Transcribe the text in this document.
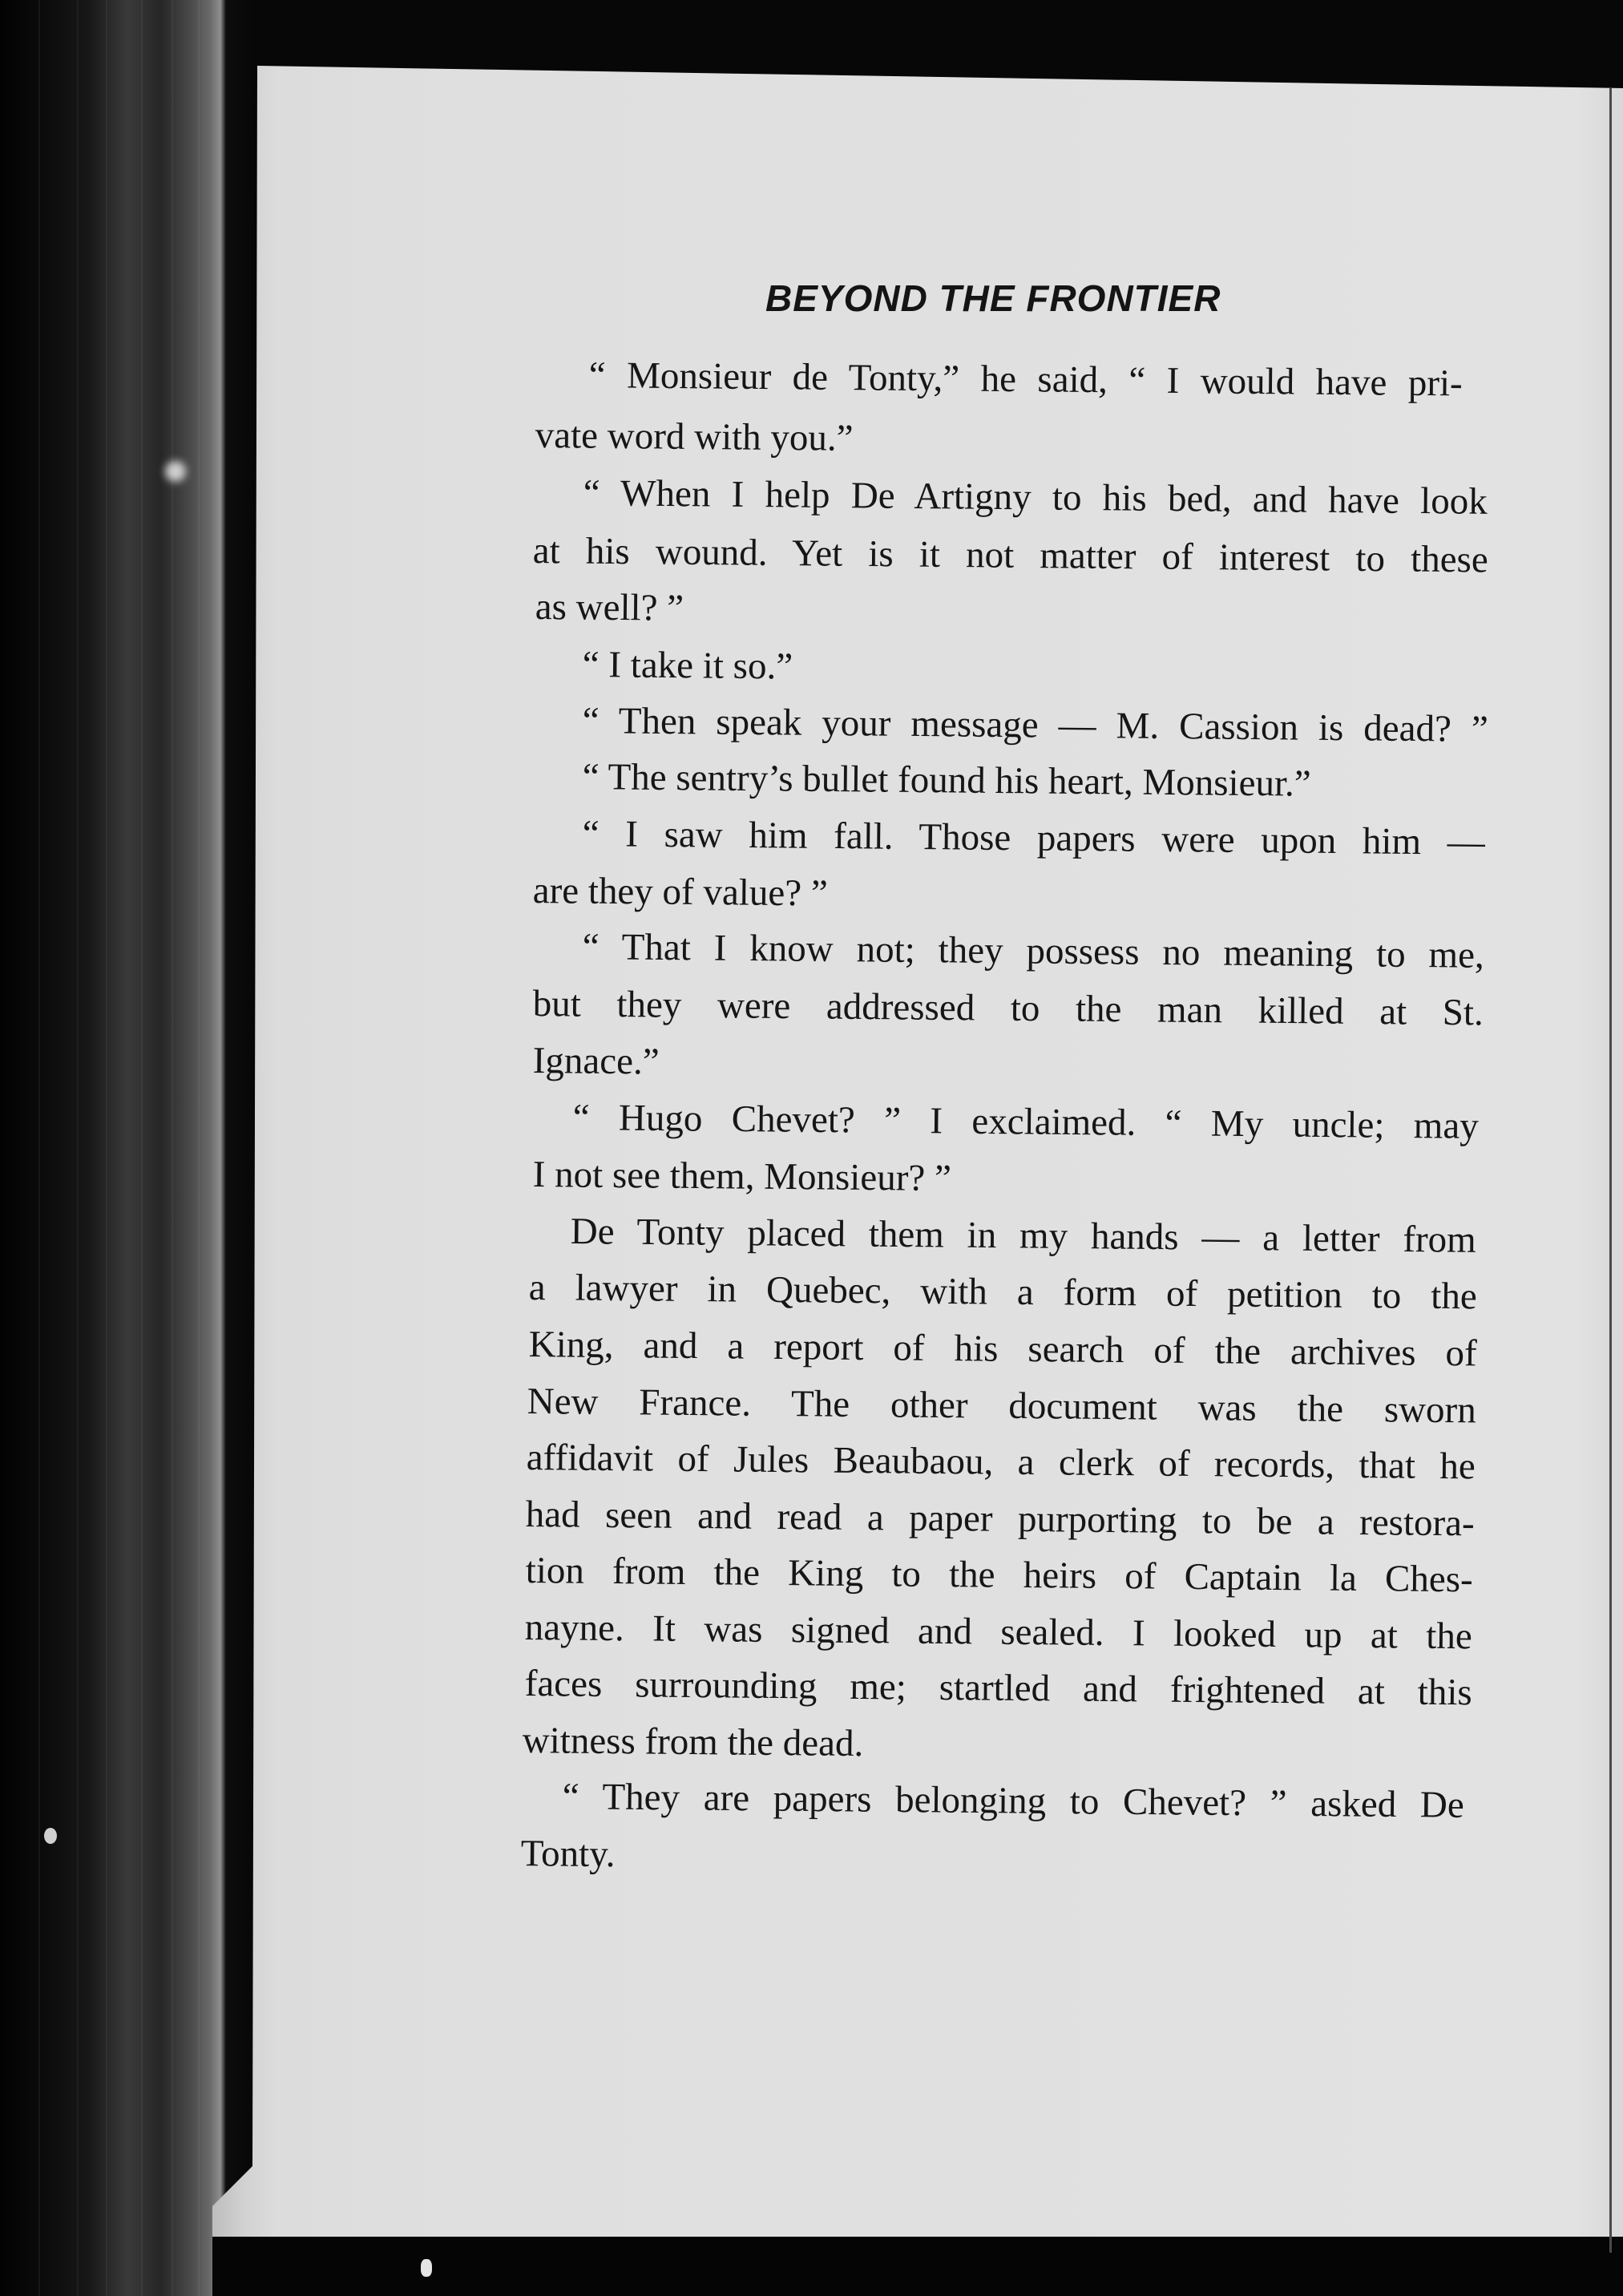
BEYOND THE FRONTIER
“ Monsieur de Tonty,” he said, “ I would have pri-
vate word with you.”
“ When I help De Artigny to his bed, and have look
at his wound. Yet is it not matter of interest to these
as well? ”
“ I take it so.”
“ Then speak your message — M. Cassion is dead? ”
“ The sentry’s bullet found his heart, Monsieur.”
“ I saw him fall. Those papers were upon him —
are they of value? ”
“ That I know not; they possess no meaning to me,
but they were addressed to the man killed at St.
Ignace.”
“ Hugo Chevet? ” I exclaimed. “ My uncle; may
I not see them, Monsieur? ”
De Tonty placed them in my hands — a letter from
a lawyer in Quebec, with a form of petition to the
King, and a report of his search of the archives of
New France. The other document was the sworn
affidavit of Jules Beaubaou, a clerk of records, that he
had seen and read a paper purporting to be a restora-
tion from the King to the heirs of Captain la Ches-
nayne. It was signed and sealed. I looked up at the
faces surrounding me; startled and frightened at this
witness from the dead.
“ They are papers belonging to Chevet? ” asked De
Tonty.
